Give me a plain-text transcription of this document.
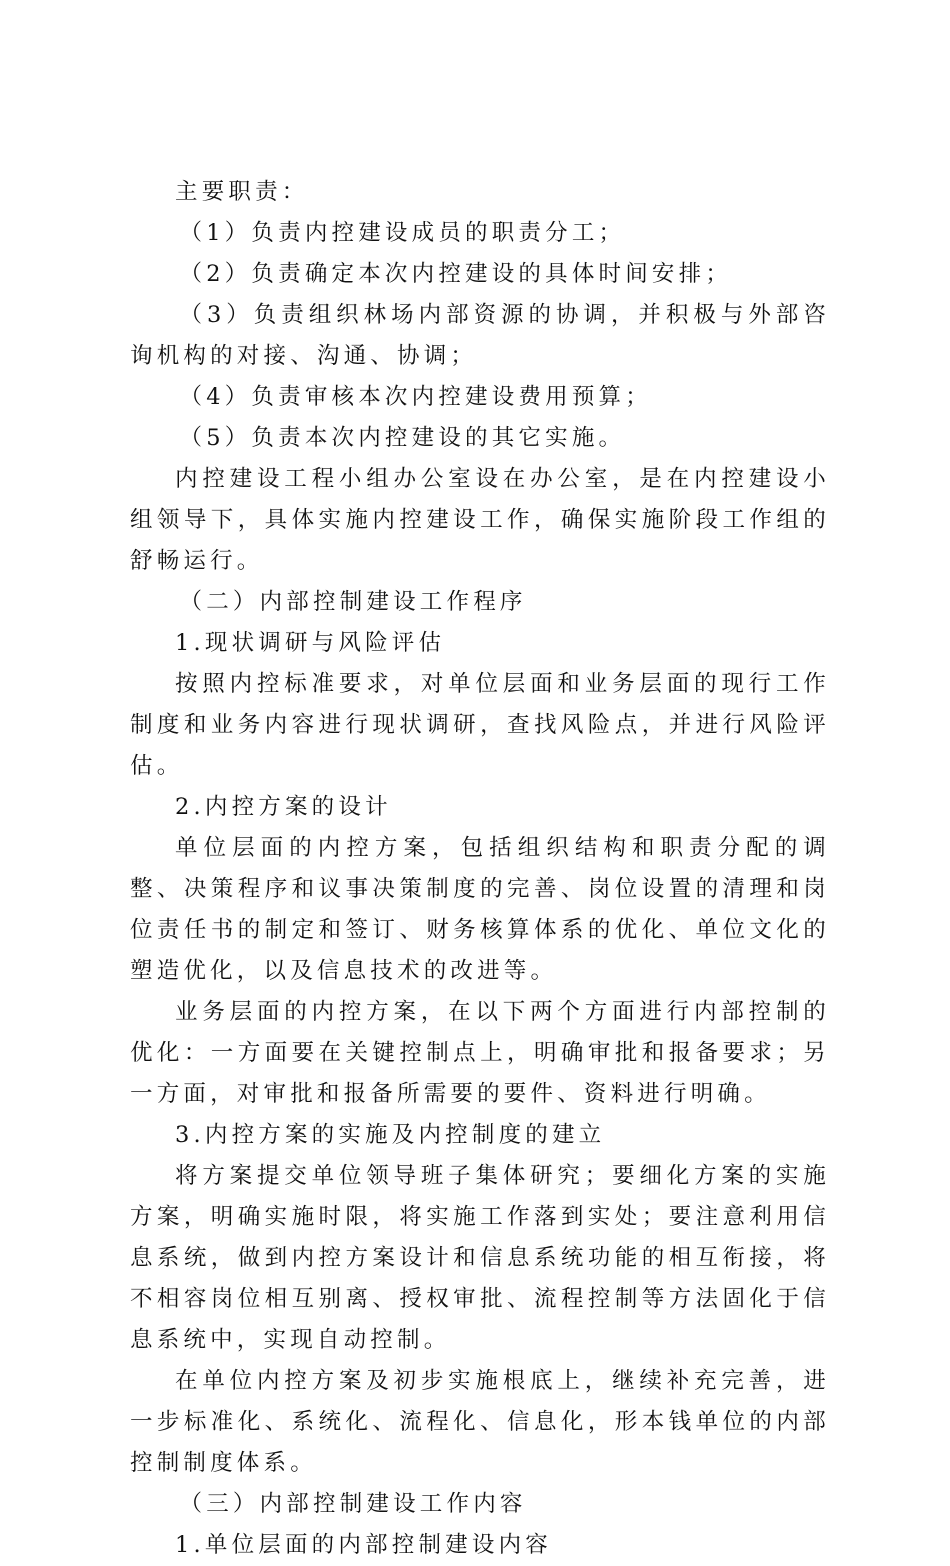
主要职责：

（1）负责内控建设成员的职责分工；

（2）负责确定本次内控建设的具体时间安排；

（3）负责组织林场内部资源的协调，并积极与外部咨询机构的对接、沟通、协调；

（4）负责审核本次内控建设费用预算；

（5）负责本次内控建设的其它实施。

内控建设工程小组办公室设在办公室，是在内控建设小组领导下，具体实施内控建设工作，确保实施阶段工作组的舒畅运行。

（二）内部控制建设工作程序

1.现状调研与风险评估

按照内控标准要求，对单位层面和业务层面的现行工作制度和业务内容进行现状调研，查找风险点，并进行风险评估。

2.内控方案的设计

单位层面的内控方案，包括组织结构和职责分配的调整、决策程序和议事决策制度的完善、岗位设置的清理和岗位责任书的制定和签订、财务核算体系的优化、单位文化的塑造优化，以及信息技术的改进等。

业务层面的内控方案，在以下两个方面进行内部控制的优化：一方面要在关键控制点上，明确审批和报备要求；另一方面，对审批和报备所需要的要件、资料进行明确。

3.内控方案的实施及内控制度的建立

将方案提交单位领导班子集体研究；要细化方案的实施方案，明确实施时限，将实施工作落到实处；要注意利用信息系统，做到内控方案设计和信息系统功能的相互衔接，将不相容岗位相互别离、授权审批、流程控制等方法固化于信息系统中，实现自动控制。

在单位内控方案及初步实施根底上，继续补充完善，进一步标准化、系统化、流程化、信息化，形本钱单位的内部控制制度体系。

（三）内部控制建设工作内容

1.单位层面的内部控制建设内容
